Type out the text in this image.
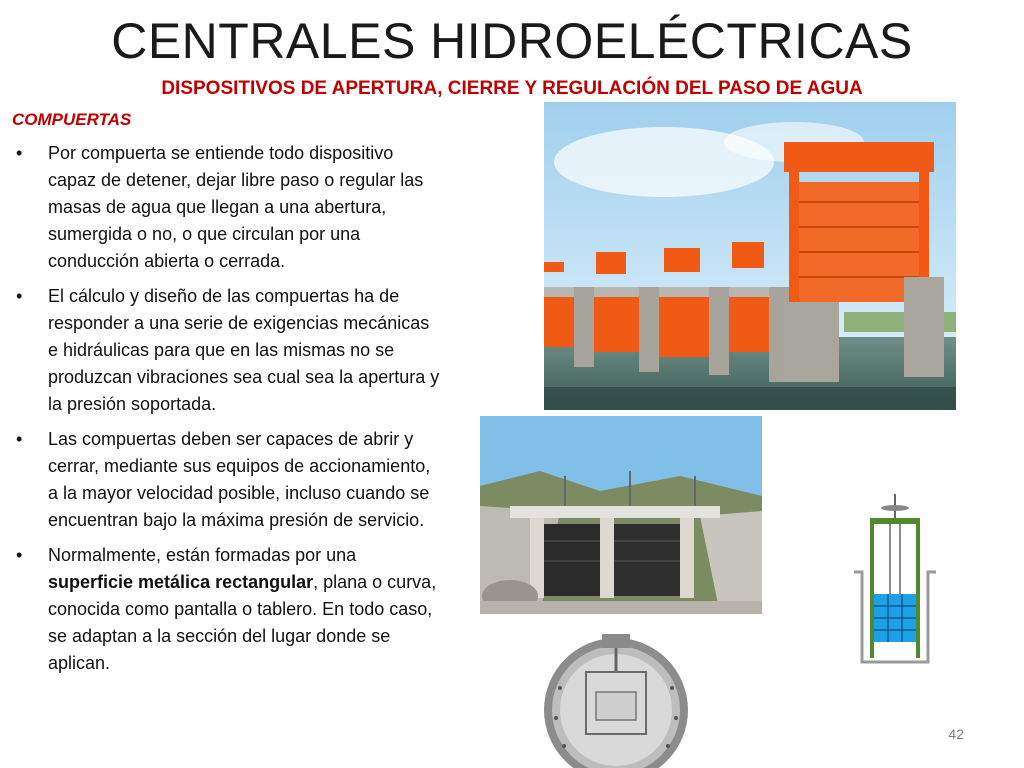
CENTRALES HIDROELÉCTRICAS
DISPOSITIVOS DE APERTURA, CIERRE Y REGULACIÓN DEL PASO DE AGUA
COMPUERTAS
• Por compuerta se entiende todo dispositivo capaz de detener, dejar libre paso o regular las masas de agua que llegan a una abertura, sumergida o no, o que circulan por una conducción abierta o cerrada.
• El cálculo y diseño de las compuertas ha de responder a una serie de exigencias mecánicas e hidráulicas para que en las mismas no se produzcan vibraciones sea cual sea la apertura y la presión soportada.
• Las compuertas deben ser capaces de abrir y cerrar, mediante sus equipos de accionamiento, a la mayor velocidad posible, incluso cuando se encuentran bajo la máxima presión de servicio.
• Normalmente, están formadas por una superficie metálica rectangular, plana o curva, conocida como pantalla o tablero. En todo caso, se adaptan a la sección del lugar donde se aplican.
42
